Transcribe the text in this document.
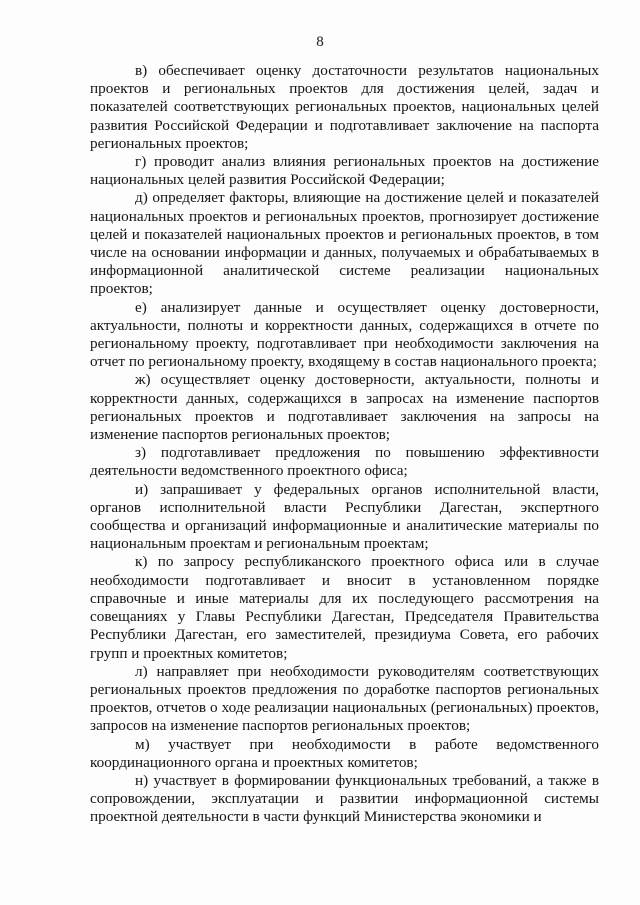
8

в) обеспечивает оценку достаточности результатов национальных проектов и региональных проектов для достижения целей, задач и показателей соответствующих региональных проектов, национальных целей развития Российской Федерации и подготавливает заключение на паспорта региональных проектов;

г) проводит анализ влияния региональных проектов на достижение национальных целей развития Российской Федерации;

д) определяет факторы, влияющие на достижение целей и показателей национальных проектов и региональных проектов, прогнозирует достижение целей и показателей национальных проектов и региональных проектов, в том числе на основании информации и данных, получаемых и обрабатываемых в информационной аналитической системе реализации национальных проектов;

е) анализирует данные и осуществляет оценку достоверности, актуальности, полноты и корректности данных, содержащихся в отчете по региональному проекту, подготавливает при необходимости заключения на отчет по региональному проекту, входящему в состав национального проекта;

ж) осуществляет оценку достоверности, актуальности, полноты и корректности данных, содержащихся в запросах на изменение паспортов региональных проектов и подготавливает заключения на запросы на изменение паспортов региональных проектов;

з) подготавливает предложения по повышению эффективности деятельности ведомственного проектного офиса;

и) запрашивает у федеральных органов исполнительной власти, органов исполнительной власти Республики Дагестан, экспертного сообщества и организаций информационные и аналитические материалы по национальным проектам и региональным проектам;

к) по запросу республиканского проектного офиса или в случае необходимости подготавливает и вносит в установленном порядке справочные и иные материалы для их последующего рассмотрения на совещаниях у Главы Республики Дагестан, Председателя Правительства Республики Дагестан, его заместителей, президиума Совета, его рабочих групп и проектных комитетов;

л) направляет при необходимости руководителям соответствующих региональных проектов предложения по доработке паспортов региональных проектов, отчетов о ходе реализации национальных (региональных) проектов, запросов на изменение паспортов региональных проектов;

м) участвует при необходимости в работе ведомственного координационного органа и проектных комитетов;

н) участвует в формировании функциональных требований, а также в сопровождении, эксплуатации и развитии информационной системы проектной деятельности в части функций Министерства экономики и
